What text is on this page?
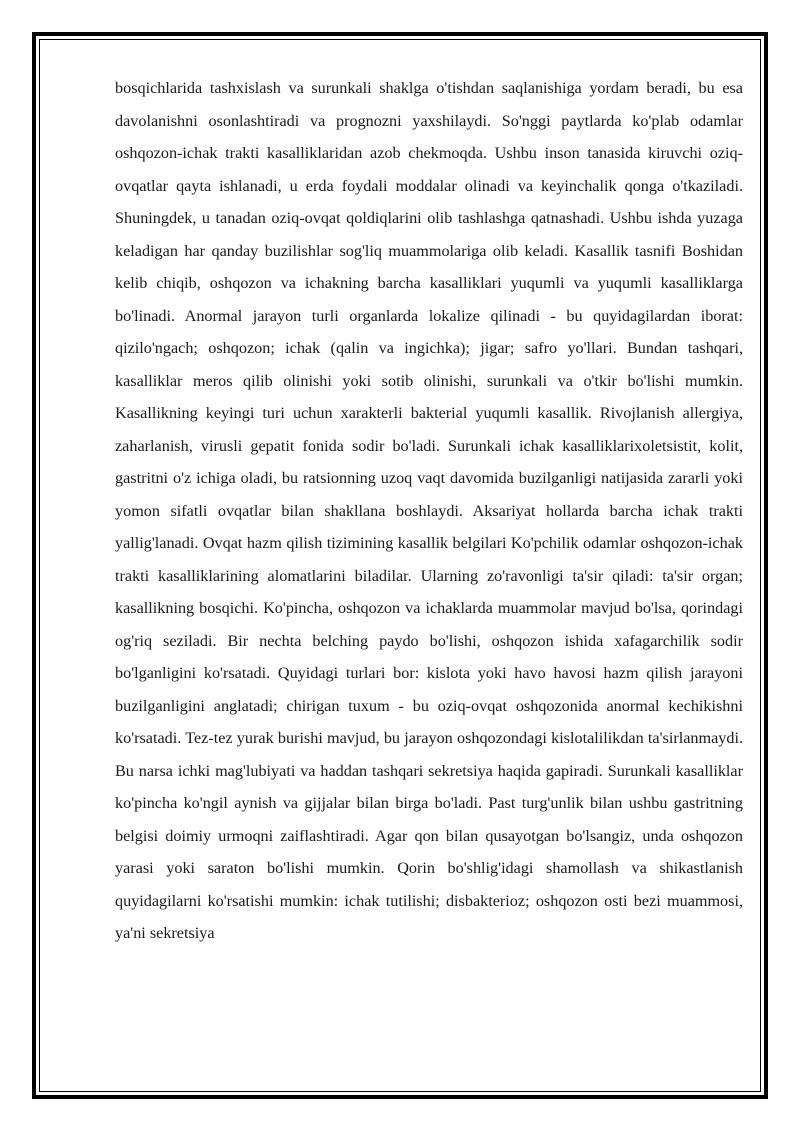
bosqichlarida tashxislash va surunkali shaklga o'tishdan saqlanishiga yordam beradi, bu esa davolanishni osonlashtiradi va prognozni yaxshilaydi. So'nggi paytlarda ko'plab odamlar oshqozon-ichak trakti kasalliklaridan azob chekmoqda. Ushbu inson tanasida kiruvchi oziq-ovqatlar qayta ishlanadi, u erda foydali moddalar olinadi va keyinchalik qonga o'tkaziladi. Shuningdek, u tanadan oziq-ovqat qoldiqlarini olib tashlashga qatnashadi. Ushbu ishda yuzaga keladigan har qanday buzilishlar sog'liq muammolariga olib keladi. Kasallik tasnifi Boshidan kelib chiqib, oshqozon va ichakning barcha kasalliklari yuqumli va yuqumli kasalliklarga bo'linadi. Anormal jarayon turli organlarda lokalize qilinadi - bu quyidagilardan iborat: qizilo'ngach; oshqozon; ichak (qalin va ingichka); jigar; safro yo'llari. Bundan tashqari, kasalliklar meros qilib olinishi yoki sotib olinishi, surunkali va o'tkir bo'lishi mumkin. Kasallikning keyingi turi uchun xarakterli bakterial yuqumli kasallik. Rivojlanish allergiya, zaharlanish, virusli gepatit fonida sodir bo'ladi. Surunkali ichak kasalliklarixoletsistit, kolit, gastritni o'z ichiga oladi, bu ratsionning uzoq vaqt davomida buzilganligi natijasida zararli yoki yomon sifatli ovqatlar bilan shakllana boshlaydi. Aksariyat hollarda barcha ichak trakti yallig'lanadi. Ovqat hazm qilish tizimining kasallik belgilari Ko'pchilik odamlar oshqozon-ichak trakti kasalliklarining alomatlarini biladilar. Ularning zo'ravonligi ta'sir qiladi: ta'sir organ; kasallikning bosqichi. Ko'pincha, oshqozon va ichaklarda muammolar mavjud bo'lsa, qorindagi og'riq seziladi. Bir nechta belching paydo bo'lishi, oshqozon ishida xafagarchilik sodir bo'lganligini ko'rsatadi. Quyidagi turlari bor: kislota yoki havo havosi hazm qilish jarayoni buzilganligini anglatadi; chirigan tuxum - bu oziq-ovqat oshqozonida anormal kechikishni ko'rsatadi. Tez-tez yurak burishi mavjud, bu jarayon oshqozondagi kislotalilikdan ta'sirlanmaydi. Bu narsa ichki mag'lubiyati va haddan tashqari sekretsiya haqida gapiradi. Surunkali kasalliklar ko'pincha ko'ngil aynish va gijjalar bilan birga bo'ladi. Past turg'unlik bilan ushbu gastritning belgisi doimiy urmoqni zaiflashtiradi. Agar qon bilan qusayotgan bo'lsangiz, unda oshqozon yarasi yoki saraton bo'lishi mumkin. Qorin bo'shlig'idagi shamollash va shikastlanish quyidagilarni ko'rsatishi mumkin: ichak tutilishi; disbakterioz; oshqozon osti bezi muammosi, ya'ni sekretsiya
